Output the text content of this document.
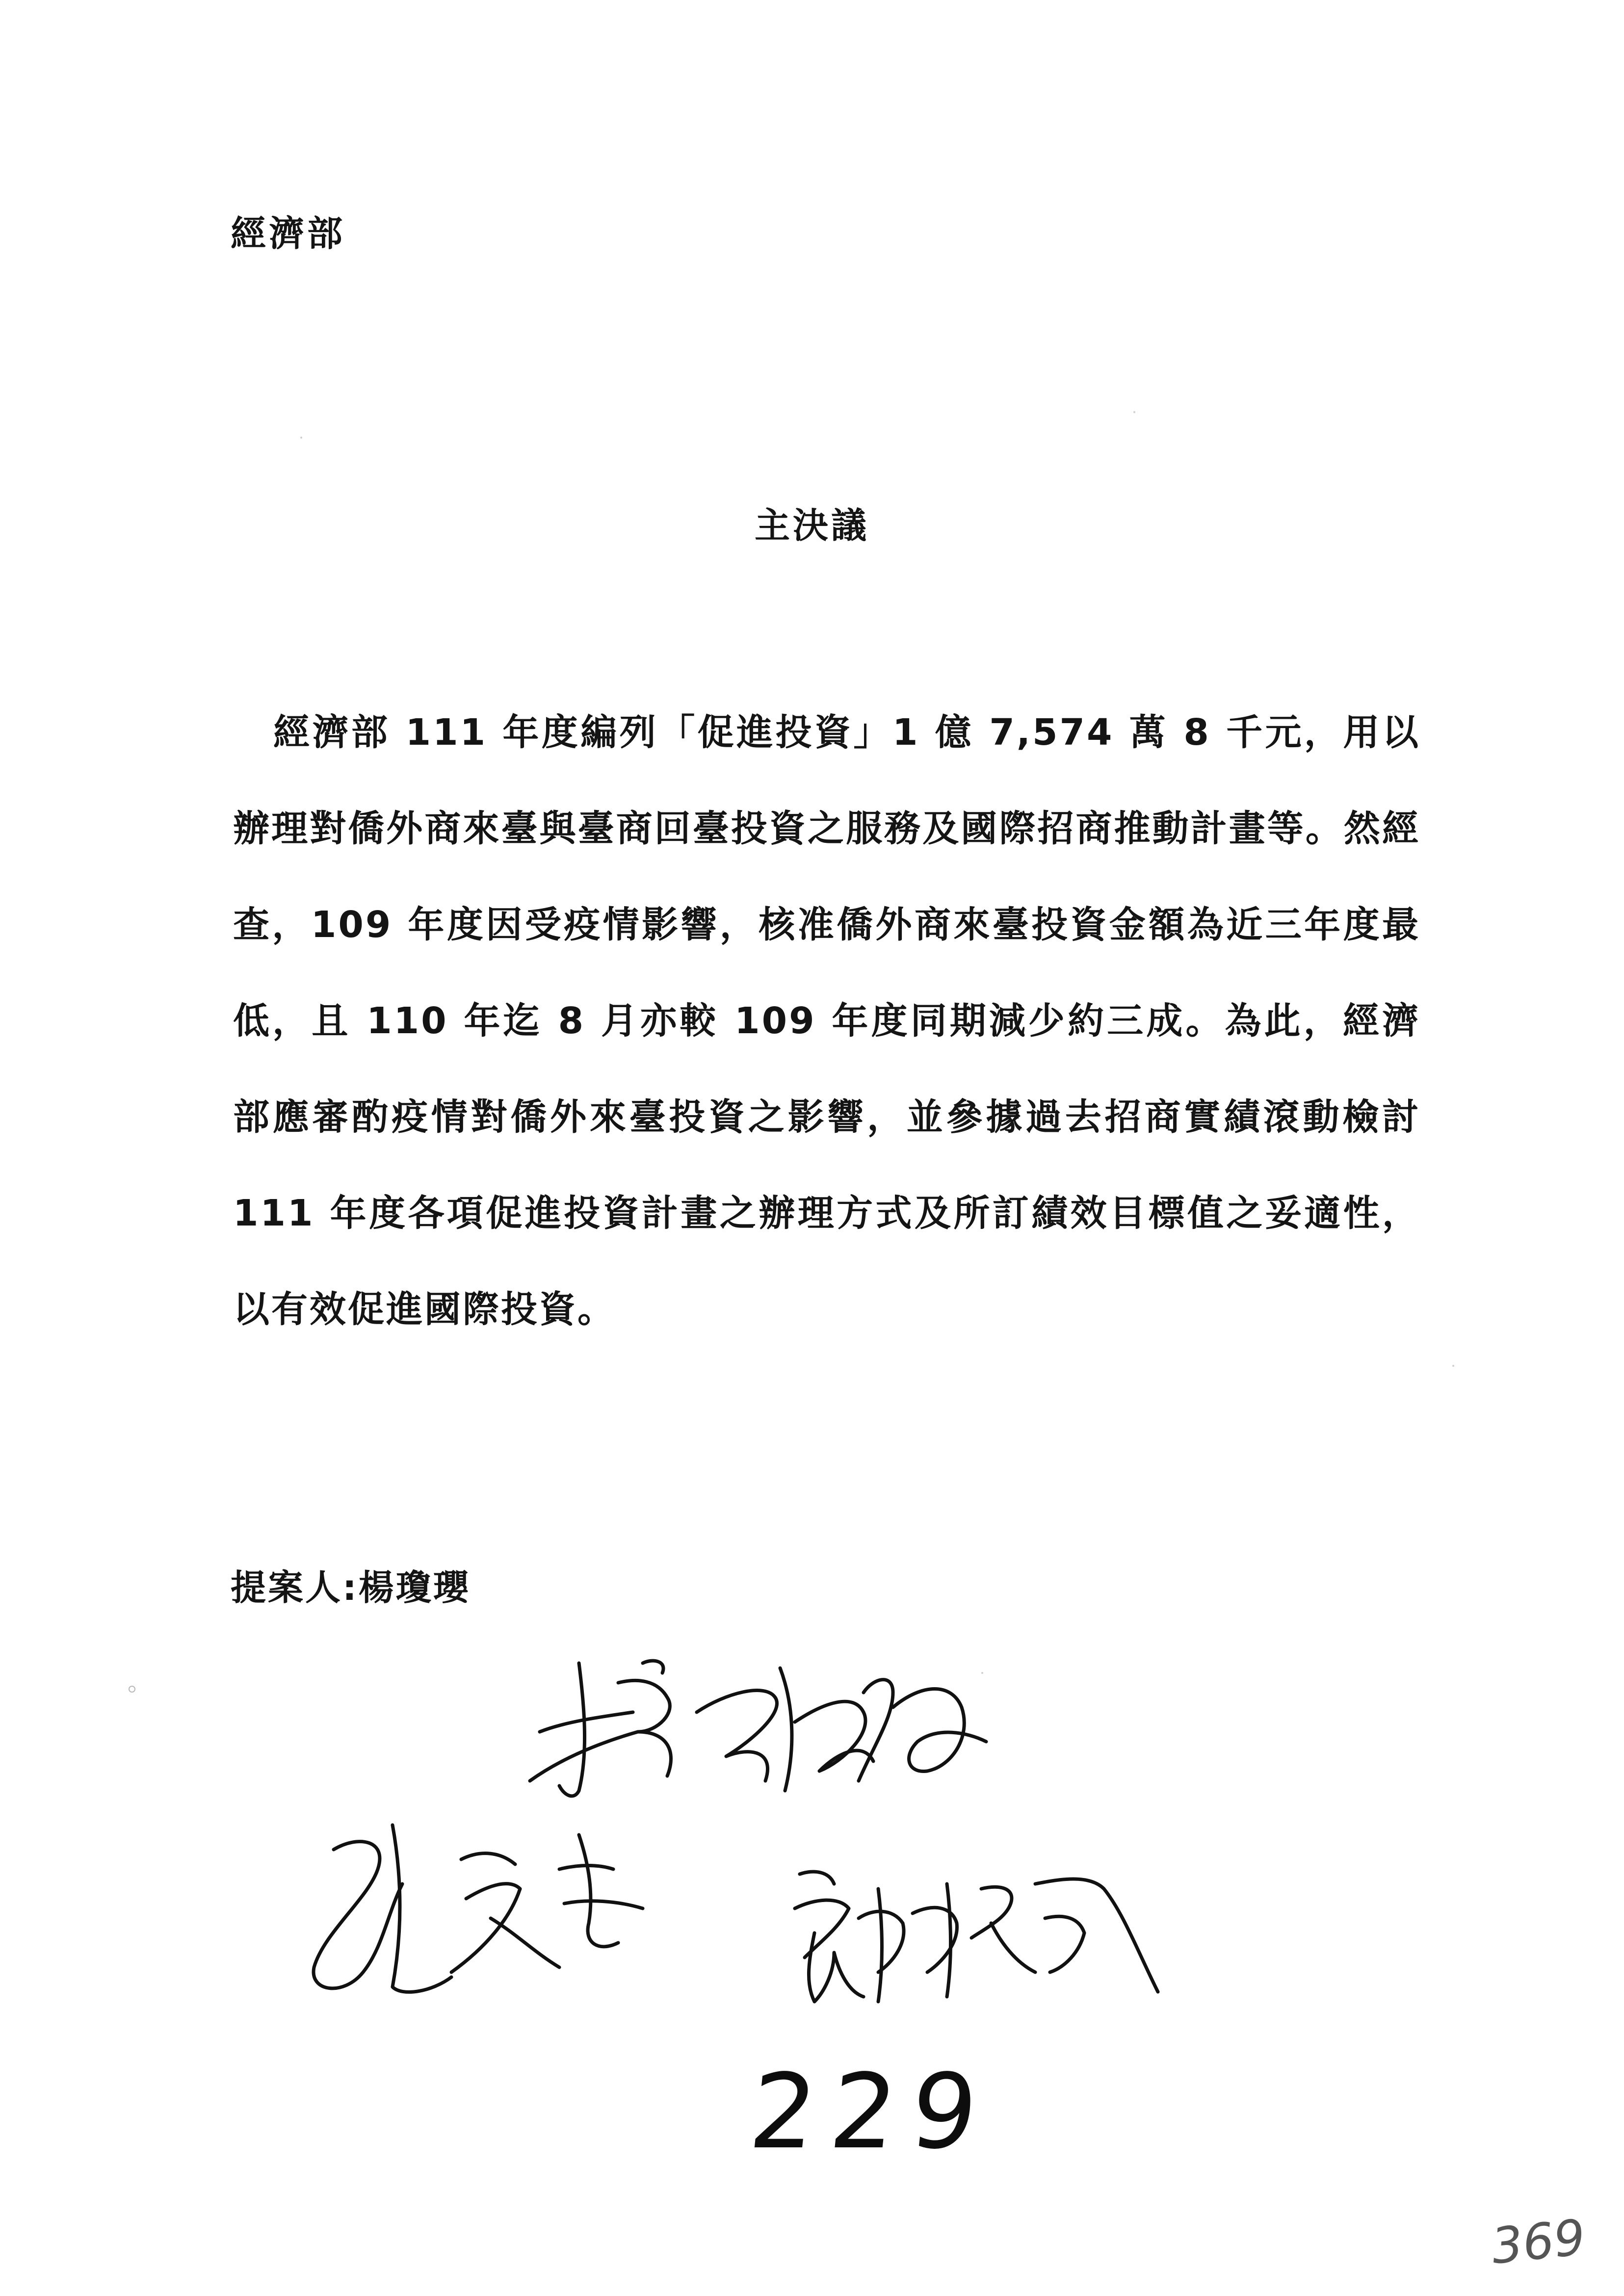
經濟部
主決議
經濟部 111 年度編列「促進投資」1 億 7,574 萬 8 千元，用以辦理對僑外商來臺與臺商回臺投資之服務及國際招商推動計畫等。然經查，109 年度因受疫情影響，核准僑外商來臺投資金額為近三年度最低，且 110 年迄 8 月亦較 109 年度同期減少約三成。為此，經濟部應審酌疫情對僑外來臺投資之影響，並參據過去招商實績滾動檢討 111 年度各項促進投資計畫之辦理方式及所訂績效目標值之妥適性，以有效促進國際投資。
提案人:楊瓊瓔
229
369
